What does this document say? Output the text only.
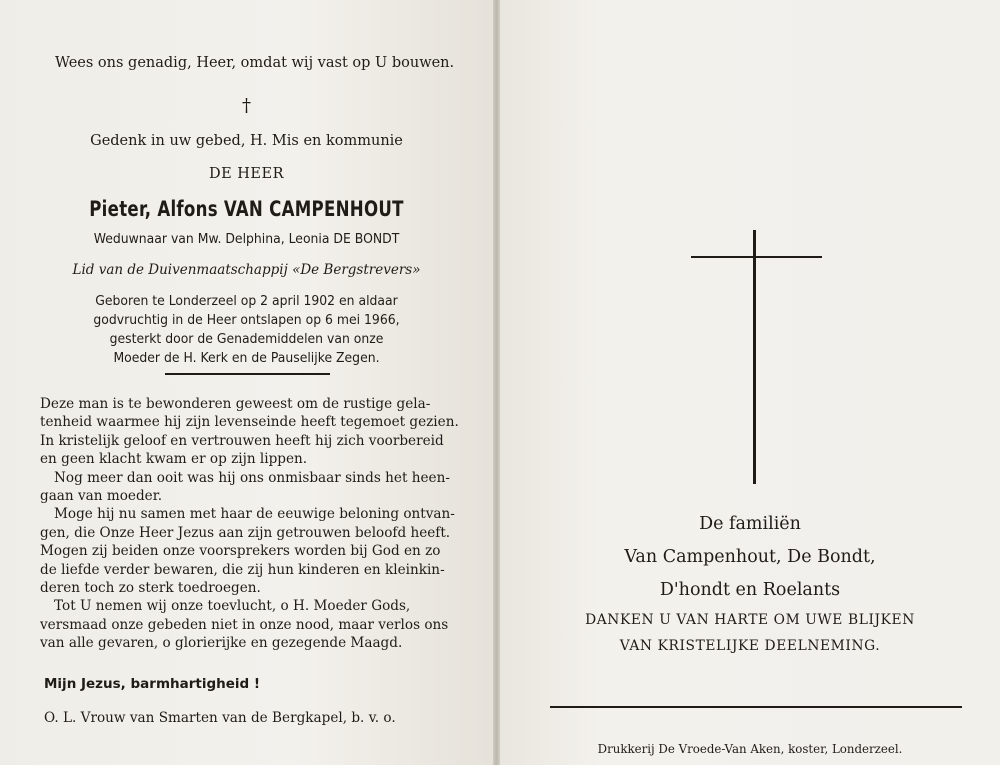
Wees ons genadig, Heer, omdat wij vast op U bouwen.
†
Gedenk in uw gebed, H. Mis en kommunie
DE HEER
Pieter, Alfons VAN CAMPENHOUT
Weduwnaar van Mw. Delphina, Leonia DE BONDT
Lid van de Duivenmaatschappij «De Bergstrevers»
Geboren te Londerzeel op 2 april 1902 en aldaar
godvruchtig in de Heer ontslapen op 6 mei 1966,
gesterkt door de Genademiddelen van onze
Moeder de H. Kerk en de Pauselijke Zegen.
Deze man is te bewonderen geweest om de rustige gela-
tenheid waarmee hij zijn levenseinde heeft tegemoet gezien.
In kristelijk geloof en vertrouwen heeft hij zich voorbereid
en geen klacht kwam er op zijn lippen.
Nog meer dan ooit was hij ons onmisbaar sinds het heen-
gaan van moeder.
Moge hij nu samen met haar de eeuwige beloning ontvan-
gen, die Onze Heer Jezus aan zijn getrouwen beloofd heeft.
Mogen zij beiden onze voorsprekers worden bij God en zo
de liefde verder bewaren, die zij hun kinderen en kleinkin-
deren toch zo sterk toedroegen.
Tot U nemen wij onze toevlucht, o H. Moeder Gods,
versmaad onze gebeden niet in onze nood, maar verlos ons
van alle gevaren, o glorierijke en gezegende Maagd.
Mijn Jezus, barmhartigheid !
O. L. Vrouw van Smarten van de Bergkapel, b. v. o.
De familiën
Van Campenhout, De Bondt,
D'hondt en Roelants
DANKEN U VAN HARTE OM UWE BLIJKEN
VAN KRISTELIJKE DEELNEMING.
Drukkerij De Vroede-Van Aken, koster, Londerzeel.
